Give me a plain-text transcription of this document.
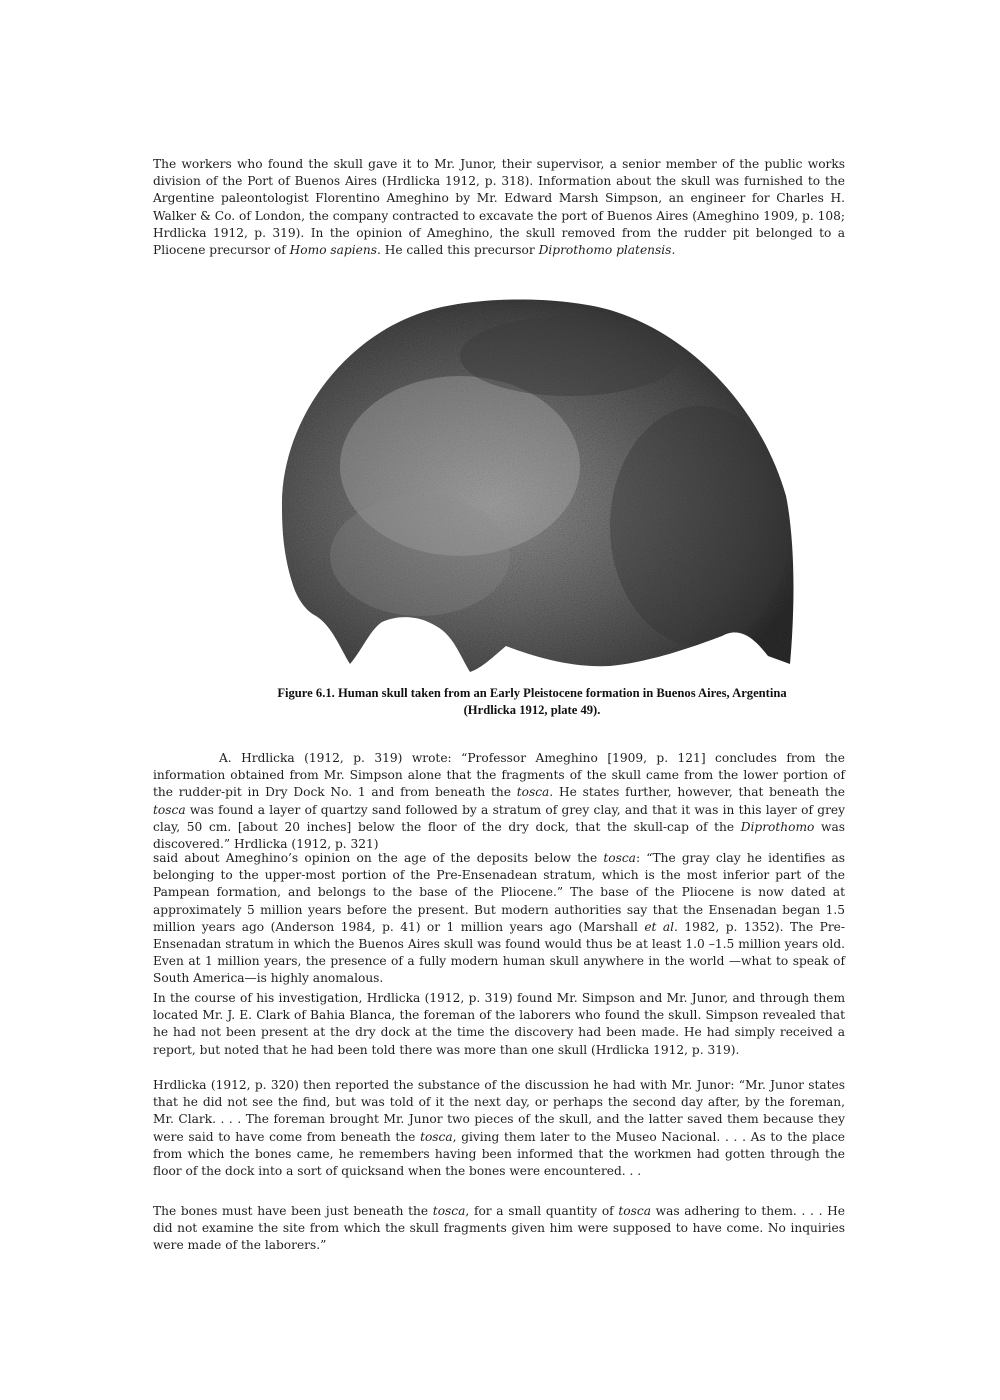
The workers who found the skull gave it to Mr. Junor, their supervisor, a senior member of the public works division of the Port of Buenos Aires (Hrdlicka 1912, p. 318). Information about the skull was furnished to the Argentine paleontologist Florentino Ameghino by Mr. Edward Marsh Simpson, an engineer for Charles H. Walker & Co. of London, the company contracted to excavate the port of Buenos Aires (Ameghino 1909, p. 108; Hrdlicka 1912, p. 319). In the opinion of Ameghino, the skull removed from the rudder pit belonged to a Pliocene precursor of Homo sapiens. He called this precursor Diprothomo platensis.
Figure 6.1. Human skull taken from an Early Pleistocene formation in Buenos Aires, Argentina
(Hrdlicka 1912, plate 49).
A. Hrdlicka (1912, p. 319) wrote: “Professor Ameghino [1909, p. 121] concludes from the information obtained from Mr. Simpson alone that the fragments of the skull came from the lower portion of the rudder-pit in Dry Dock No. 1 and from beneath the tosca. He states further, however, that beneath the tosca was found a layer of quartzy sand followed by a stratum of grey clay, and that it was in this layer of grey clay, 50 cm. [about 20 inches] below the floor of the dry dock, that the skull-cap of the Diprothomo was discovered.” Hrdlicka (1912, p. 321)
said about Ameghino’s opinion on the age of the deposits below the tosca: “The gray clay he identifies as belonging to the upper-most portion of the Pre-Ensenadean stratum, which is the most inferior part of the Pampean formation, and belongs to the base of the Pliocene.” The base of the Pliocene is now dated at approximately 5 million years before the present. But modern authorities say that the Ensenadan began 1.5 million years ago (Anderson 1984, p. 41) or 1 million years ago (Marshall et al. 1982, p. 1352). The Pre-Ensenadan stratum in which the Buenos Aires skull was found would thus be at least 1.0 –1.5 million years old. Even at 1 million years, the presence of a fully modern human skull anywhere in the world —what to speak of South America—is highly anomalous.
In the course of his investigation, Hrdlicka (1912, p. 319) found Mr. Simpson and Mr. Junor, and through them located Mr. J. E. Clark of Bahia Blanca, the foreman of the laborers who found the skull. Simpson revealed that he had not been present at the dry dock at the time the discovery had been made. He had simply received a report, but noted that he had been told there was more than one skull (Hrdlicka 1912, p. 319).
Hrdlicka (1912, p. 320) then reported the substance of the discussion he had with Mr. Junor: “Mr. Junor states that he did not see the find, but was told of it the next day, or perhaps the second day after, by the foreman, Mr. Clark. . . . The foreman brought Mr. Junor two pieces of the skull, and the latter saved them because they were said to have come from beneath the tosca, giving them later to the Museo Nacional. . . . As to the place from which the bones came, he remembers having been informed that the workmen had gotten through the floor of the dock into a sort of quicksand when the bones were encountered. . .
The bones must have been just beneath the tosca, for a small quantity of tosca was adhering to them. . . . He did not examine the site from which the skull fragments given him were supposed to have come. No inquiries were made of the laborers.”
